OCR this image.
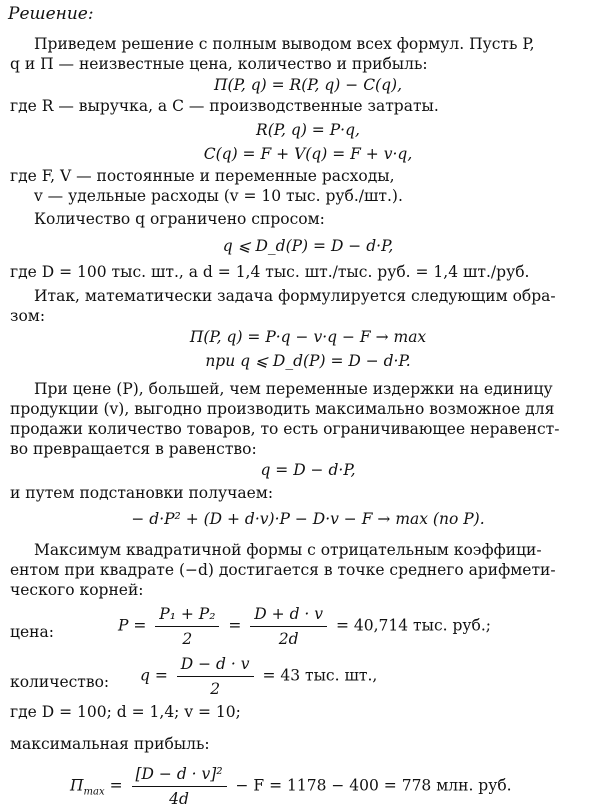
Решение:
Приведем решение с полным выводом всех формул. Пусть P,
q и П — неизвестные цена, количество и прибыль:
П(P, q) = R(P, q) − C(q),
где R — выручка, а C — производственные затраты.
R(P, q) = P·q,
C(q) = F + V(q) = F + v·q,
где F, V — постоянные и переменные расходы,
v — удельные расходы (v = 10 тыс. руб./шт.).
Количество q ограничено спросом:
q ⩽ D_d(P) = D − d·P,
где D = 100 тыс. шт., а d = 1,4 тыс. шт./тыс. руб. = 1,4 шт./руб.
Итак, математически задача формулируется следующим обра-
зом:
П(P, q) = P·q − v·q − F → max
при q ⩽ D_d(P) = D − d·P.
При цене (P), большей, чем переменные издержки на единицу
продукции (v), выгодно производить максимально возможное для
продажи количество товаров, то есть ограничивающее неравенст-
во превращается в равенство:
q = D − d·P,
и путем подстановки получаем:
− d·P² + (D + d·v)·P − D·v − F → max (по P).
Максимум квадратичной формы с отрицательным коэффици-
ентом при квадрате (−d) достигается в точке среднего арифмети-
ческого корней:
цена:	$P = \frac{\text{P₁ + P₂}}{2} = \frac{D + d \cdot v}{2d} = 40,714$ тыс. руб.;
количество: $q = \frac{D - d \cdot v}{2} = 43$ тыс. шт.,
где D = 100; d = 1,4; v = 10;
максимальная прибыль:
$П_{max} = \frac{\text{[D − d · v]²}}{4d} - F = 1178 - 400 = 778$ млн. руб.
